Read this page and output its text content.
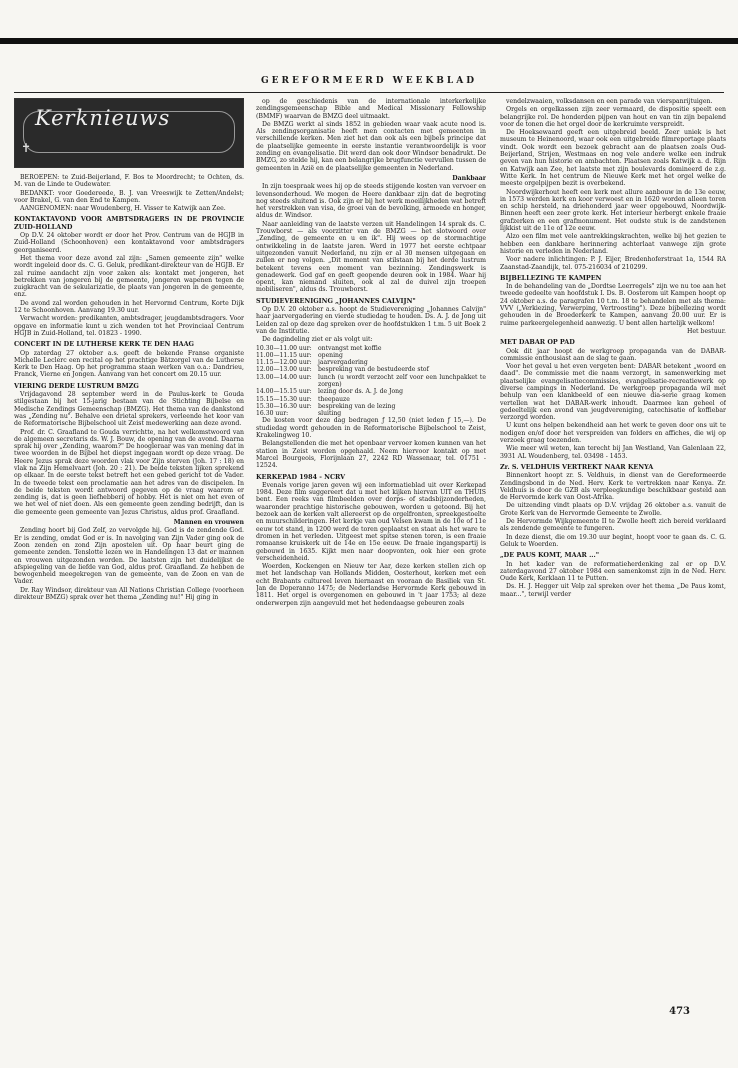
GEREFORMEERD WEEKBLAD
✝
Kerknieuws

BEROEPEN: te Zuid-Beijerland, F. Bos te Moordrecht; te Ochten, ds. M. van de Linde te Oudewater.

BEDANKT: voor Goedereede, B. J. van Vreeswijk te Zetten/Andelst; voor Brakel, G. van den End te Kampen.

AANGENOMEN: naar Woudenberg, H. Visser te Katwijk aan Zee.

KONTAKTAVOND VOOR AMBTSDRAGERS IN DE PROVINCIE ZUID-HOLLAND

Op D.V. 24 oktober wordt er door het Prov. Centrum van de HGJB in Zuid-Holland (Schoonhoven) een kontaktavond voor ambtsdragers georganiseerd.

Het thema voor deze avond zal zijn: „Samen gemeente zijn" welke wordt ingeleid door ds. C. G. Geluk, predikant-direkteur van de HGJB. Er zal ruime aandacht zijn voor zaken als: kontakt met jongeren, het betrekken van jongeren bij de gemeente, jongeren wapenen tegen de zuigkracht van de sekularizatie, de plaats van jongeren in de gemeente, enz.

De avond zal worden gehouden in het Hervormd Centrum, Korte Dijk 12 te Schoonhoven. Aanvang 19.30 uur.

Verwacht worden: predikanten, ambtsdrager, jeugdambtsdragers. Voor opgave en informatie kunt u zich wenden tot het Provinciaal Centrum HGJB in Zuid-Holland, tel. 01823 - 1990.

CONCERT IN DE LUTHERSE KERK TE DEN HAAG

Op zaterdag 27 oktober a.s. geeft de bekende Franse organiste Michelle Leclerc een recital op het prachtige Bätzorgel van de Lutherse Kerk te Den Haag. Op het programma staan werken van o.a.: Dandrieu, Franck, Vierne en Jongen. Aanvang van het concert om 20.15 uur.

VIERING DERDE LUSTRUM BMZG

Vrijdagavond 28 september werd in de Paulus-kerk te Gouda stilgestaan bij het 15-jarig bestaan van de Stichting Bijbelse en Medische Zendings Gemeenschap (BMZG). Het thema van de dankstond was „Zending nu". Behalve een drietal sprekers, verleende het koor van de Reformatorische Bijbelschool uit Zeist medewerking aan deze avond.

Prof. dr. C. Graafland te Gouda verrichtte, na het welkomstwoord van de algemeen secretaris ds. W. J. Bouw, de opening van de avond. Daarna sprak hij over „Zending, waarom?" De hoogleraar was van mening dat in twee woorden in de Bijbel het diepst ingegaan wordt op deze vraag. De Heere Jezus sprak deze woorden vlak voor Zijn sterven (Joh. 17 : 18) en vlak na Zijn Hemelvaart (Joh. 20 : 21). De beide teksten lijken sprekend op elkaar. In de eerste tekst betreft het een gebed gericht tot de Vader. In de tweede tekst een proclamatie aan het adres van de discipelen. In de beide teksten wordt antwoord gegeven op de vraag waarom er zending is, dat is geen liefhebberij of hobby. Het is niet om het even of we het wel of niet doen. Als een gemeente geen zending bedrijft, dan is die gemeente geen gemeente van Jezus Christus, aldus prof. Graafland.

Mannen en vrouwen

Zending hoort bij God Zelf, zo vervolgde hij. God is de zendende God. Er is zending, omdat God er is. In navolging van Zijn Vader ging ook de Zoon zenden en zond Zijn apostelen uit. Op haar beurt ging de gemeente zenden. Tenslotte lezen we in Handelingen 13 dat er mannen en vrouwen uitgezonden worden. De laatsten zijn het duidelijkst de afspiegeling van de liefde van God, aldus prof. Graafland. Ze hebben de bewogenheid meegekregen van de gemeente, van de Zoon en van de Vader.

Dr. Ray Windsor, direkteur van All Nations Christian College (voorheen direkteur BMZG) sprak over het thema „Zending nu!" Hij ging in

op de geschiedenis van de internationale interkerkelijke zendingsgemeenschap Bible and Medical Missionary Fellowship (BMMF) waarvan de BMZG deel uitmaakt.

De BMZG werkt al sinds 1852 in gebieden waar vaak acute nood is. Als zendingsorganisatie heeft men contacten met gemeenten in verschillende kerken. Men ziet het dan ook als een bijbels principe dat de plaatselijke gemeente in eerste instantie verantwoordelijk is voor zending en evangelisatie. Dit werd dan ook door Windsor benadrukt. De BMZG, zo stelde hij, kan een belangrijke brugfunctie vervullen tussen de gemeenten in Azië en de plaatselijke gemeenten in Nederland.

Dankbaar

In zijn toespraak wees hij op de steeds stijgende kosten van vervoer en levensonderhoud. We mogen de Heere dankbaar zijn dat de begroting nog steeds sluitend is. Ook zijn er bij het werk moeilijkheden wat betreft het verstrekken van visa, de groei van de bevolking, armoede en honger, aldus dr. Windsor.

Naar aanleiding van de laatste verzen uit Handelingen 14 sprak ds. C. Trouwborst — als voorzitter van de BMZG — het slotwoord over „Zending, de gemeente en u en ik". Hij wees op de stormachtige ontwikkeling in de laatste jaren. Werd in 1977 het eerste echtpaar uitgezonden vanuit Nederland, nu zijn er al 30 mensen uitgegaan en zullen er nog volgen. „Dit moment van stilstaan bij het derde lustrum betekent tevens een moment van bezinning. Zendingswerk is genadewerk. God gaf en geeft geopende deuren ook in 1984. Waar hij opent, kan niemand sluiten, ook al zal de duivel zijn troepen mobiliseren", aldus ds. Trouwborst.

STUDIEVERENIGING „JOHANNES CALVIJN"

Op D.V. 20 oktober a.s. hoopt de Studievereniging „Johannes Calvijn" haar jaarvergadering en vierde studiedag te houden. Ds. A. J. de Jong uit Leiden zal op deze dag spreken over de hoofdstukken 1 t.m. 5 uit Boek 2 van de Institutie.

De dagindeling ziet er als volgt uit:

10.30—11.00 uur:	ontvangst met koffie
11.00—11.15 uur:	opening
11.15—12.00 uur:	jaarvergadering
12.00—13.00 uur:	bespreking van de bestudeerde stof
13.00—14.00 uur:	lunch (u wordt verzocht zelf voor een lunchpakket te zorgen)
14.00—15.15 uur:	lezing door ds. A. J. de Jong
15.15—15.30 uur:	theepauze
15.30—16.30 uur:	bespreking van de lezing
16.30 uur:	sluiting

De kosten voor deze dag bedragen ƒ 12,50 (niet leden ƒ 15,—). De studiedag wordt gehouden in de Reformatorische Bijbelschool te Zeist, Krakelingweg 10.

Belangstellenden die met het openbaar vervoer komen kunnen van het station in Zeist worden opgehaald. Neem hiervoor kontakt op met Marcel Bourgeois, Florijnlaan 27, 2242 RD Wassenaar, tel. 01751 - 12524.

KERKEPAD 1984 - NCRV

Evenals vorige jaren geven wij een informatieblad uit over Kerkepad 1984. Deze film suggereert dat u met het kijken hiervan UIT en THUIS bent. Een reeks van filmbeelden over dorps- of stadsbijzonderheden, waaronder prachtige historische gebouwen, worden u getoond. Bij het bezoek aan de kerken valt allereerst op de orgelfronten, spreekgestoelte en muurschilderingen. Het kerkje van oud Velsen kwam in de 10e of 11e eeuw tot stand, in 1200 werd de toren geplaatst en staat als het ware te dromen in het verleden. Uitgeest met spitse stenen toren, is een fraaie romaanse kruiskerk uit de 14e en 15e eeuw. De fraaie ingangspartij is gebouwd in 1635. Kijkt men naar doopvonten, ook hier een grote verscheidenheid.

Woerden, Kockengen en Nieuw ter Aar, deze kerken stellen zich op met het landschap van Hollands Midden, Oosterhout, kerken met een echt Brabants cultureel leven hiernaast en vooraan de Basiliek van St. Jan de Doperanno 1475; de Nederlandse Hervormde Kerk gebouwd in 1811. Het orgel is overgenomen en gebouwd in 't jaar 1753; al deze onderwerpen zijn aangevuld met het hedendaagse gebeuren zoals

vendelzwaaien, volksdansen en een parade van vierspanrijtuigen.

Orgels en orgelkassen zijn zeer vermaard, de dispositie speelt een belangrijke rol. De honderden pijpen van hout en van tin zijn bepalend voor de tonen die het orgel door de kerkruimte verspreidt.

De Hoeksewaard geeft een uitgebreid beeld. Zeer uniek is het museum te Heinenoord, waar ook een uitgebreide filmreportage plaats vindt. Ook wordt een bezoek gebracht aan de plaatsen zoals Oud-Beijerland, Strijen, Westmaas en nog vele andere welke een indruk geven van hun historie en ambachten. Plaatsen zoals Katwijk a. d. Rijn en Katwijk aan Zee, het laatste met zijn boulevards domineerd de z.g. Witte Kerk. In het centrum de Nieuwe Kerk met het orgel welke de meeste orgelpijpen bezit is overbekend.

Noordwijkerhout heeft een kerk met allure aanbouw in de 13e eeuw, in 1573 werden kerk en koor verwoest en in 1620 worden alleen toren en schip hersteld, na driehonderd jaar weer opgebouwd, Noordwijk-Binnen heeft een zeer grote kerk. Het interieur herbergt enkele fraaie grafzerken en een grafmonument. Het oudste stuk is de zandstenen lijkkist uit de 11e of 12e eeuw.

Alzo een film met vele aantrekkingskrachten, welke bij het gezien te hebben een dankbare herinnering achterlaat vanwege zijn grote historie en verleden in Nederland.

Voor nadere inlichtingen: P. J. Eijer, Bredenhoferstraat 1a, 1544 RA Zaanstad-Zaandijk, tel. 075-216034 of 210299.

BIJBELLEZING TE KAMPEN

In de behandeling van de „Dordtse Leerregels" zijn we nu toe aan het tweede gedeelte van hoofdstuk I. Ds. B. Oosterom uit Kampen hoopt op 24 oktober a.s. de paragrafen 10 t.m. 18 te behandelen met als thema: VVV („Verkiezing, Verwerping, Vertroosting"). Deze bijbellezing wordt gehouden in de Broederkerk te Kampen, aanvang 20.00 uur. Er is ruime parkeergelegenheid aanwezig. U bent allen hartelijk welkom!

Het bestuur.
MET DABAR OP PAD

Ook dit jaar hoopt de werkgroep propaganda van de DABAR-commissie enthousiast aan de slag te gaan.

Voor het geval u het even vergeten bent: DABAR betekent „woord en daad". De commissie met die naam verzorgt, in samenwerking met plaatselijke evangelisatiecommissies, evangelisatie-recreatiewerk op diverse campings in Nederland. De werkgroep propaganda wil met behulp van een klankbeeld of een nieuwe dia-serie graag komen vertellen wat het DABAR-werk inhoudt. Daarmee kan geheel of gedeeltelijk een avond van jeugdvereniging, catechisatie of koffiebar verzorgd worden.

U kunt ons helpen bekendheid aan het werk te geven door ons uit te nodigen en/of door het verspreiden van folders en affiches, die wij op verzoek graag toezenden.

Wie meer wil weten, kan terecht bij Jan Westland, Van Galenlaan 22, 3931 AL Woudenberg, tel. 03498 - 1453.

Zr. S. VELDHUIS VERTREKT NAAR KENYA

Binnenkort hoopt zr. S. Veldhuis, in dienst van de Gereformeerde Zendingsbond in de Ned. Herv. Kerk te vertrekken naar Kenya. Zr. Veldhuis is door de GZB als verpleegkundige beschikbaar gesteld aan de Hervormde kerk van Oost-Afrika.

De uitzending vindt plaats op D.V. vrijdag 26 oktober a.s. vanuit de Grote Kerk van de Hervormde Gemeente te Zwolle.

De Hervormde Wijkgemeente II te Zwolle heeft zich bereid verklaard als zendende gemeente te fungeren.

In deze dienst, die om 19.30 uur begint, hoopt voor te gaan ds. C. G. Geluk te Woerden.

„DE PAUS KOMT, MAAR ..."

In het kader van de reformatieherdenking zal er op D.V. zaterdagavond 27 oktober 1984 een samenkomst zijn in de Ned. Herv. Oude Kerk, Kerklaan 11 te Putten.

Ds. H. J. Hegger uit Velp zal spreken over het thema „De Paus komt, maar...", terwijl verder

473
